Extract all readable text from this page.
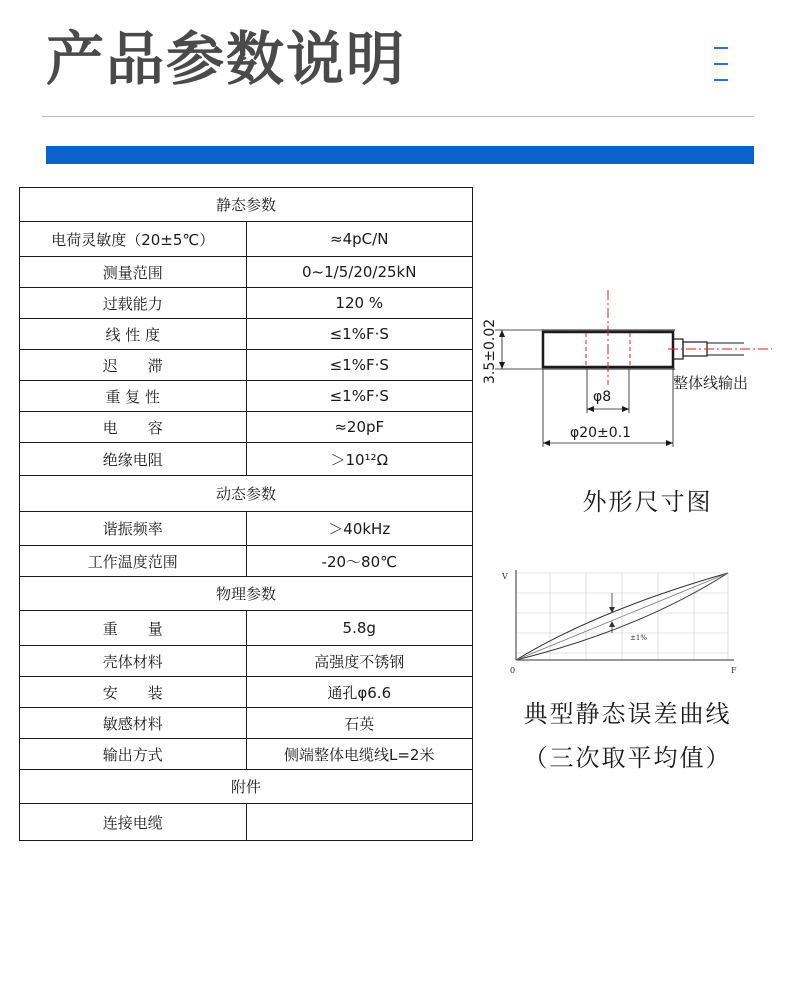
产品参数说明
静态参数	
电荷灵敏度（20±5℃）	≈4pC/N
测量范围	0~1/5/20/25kN
过载能力	120 %
线 性 度	≤1%F·S
迟　　滞	≤1%F·S
重 复 性	≤1%F·S
电　　容	≈20pF
绝缘电阻	＞10¹²Ω
动态参数	
谐振频率	＞40kHz
工作温度范围	-20～80℃
物理参数	
重　　量	5.8g
壳体材料	高强度不锈钢
安　　装	通孔φ6.6
敏感材料	石英
输出方式	侧端整体电缆线L=2米
附件	
连接电缆	
3.5±0.02
φ8
φ20±0.1
整体线输出
外形尺寸图
V
F
0
±1%
典型静态误差曲线
（三次取平均值）
